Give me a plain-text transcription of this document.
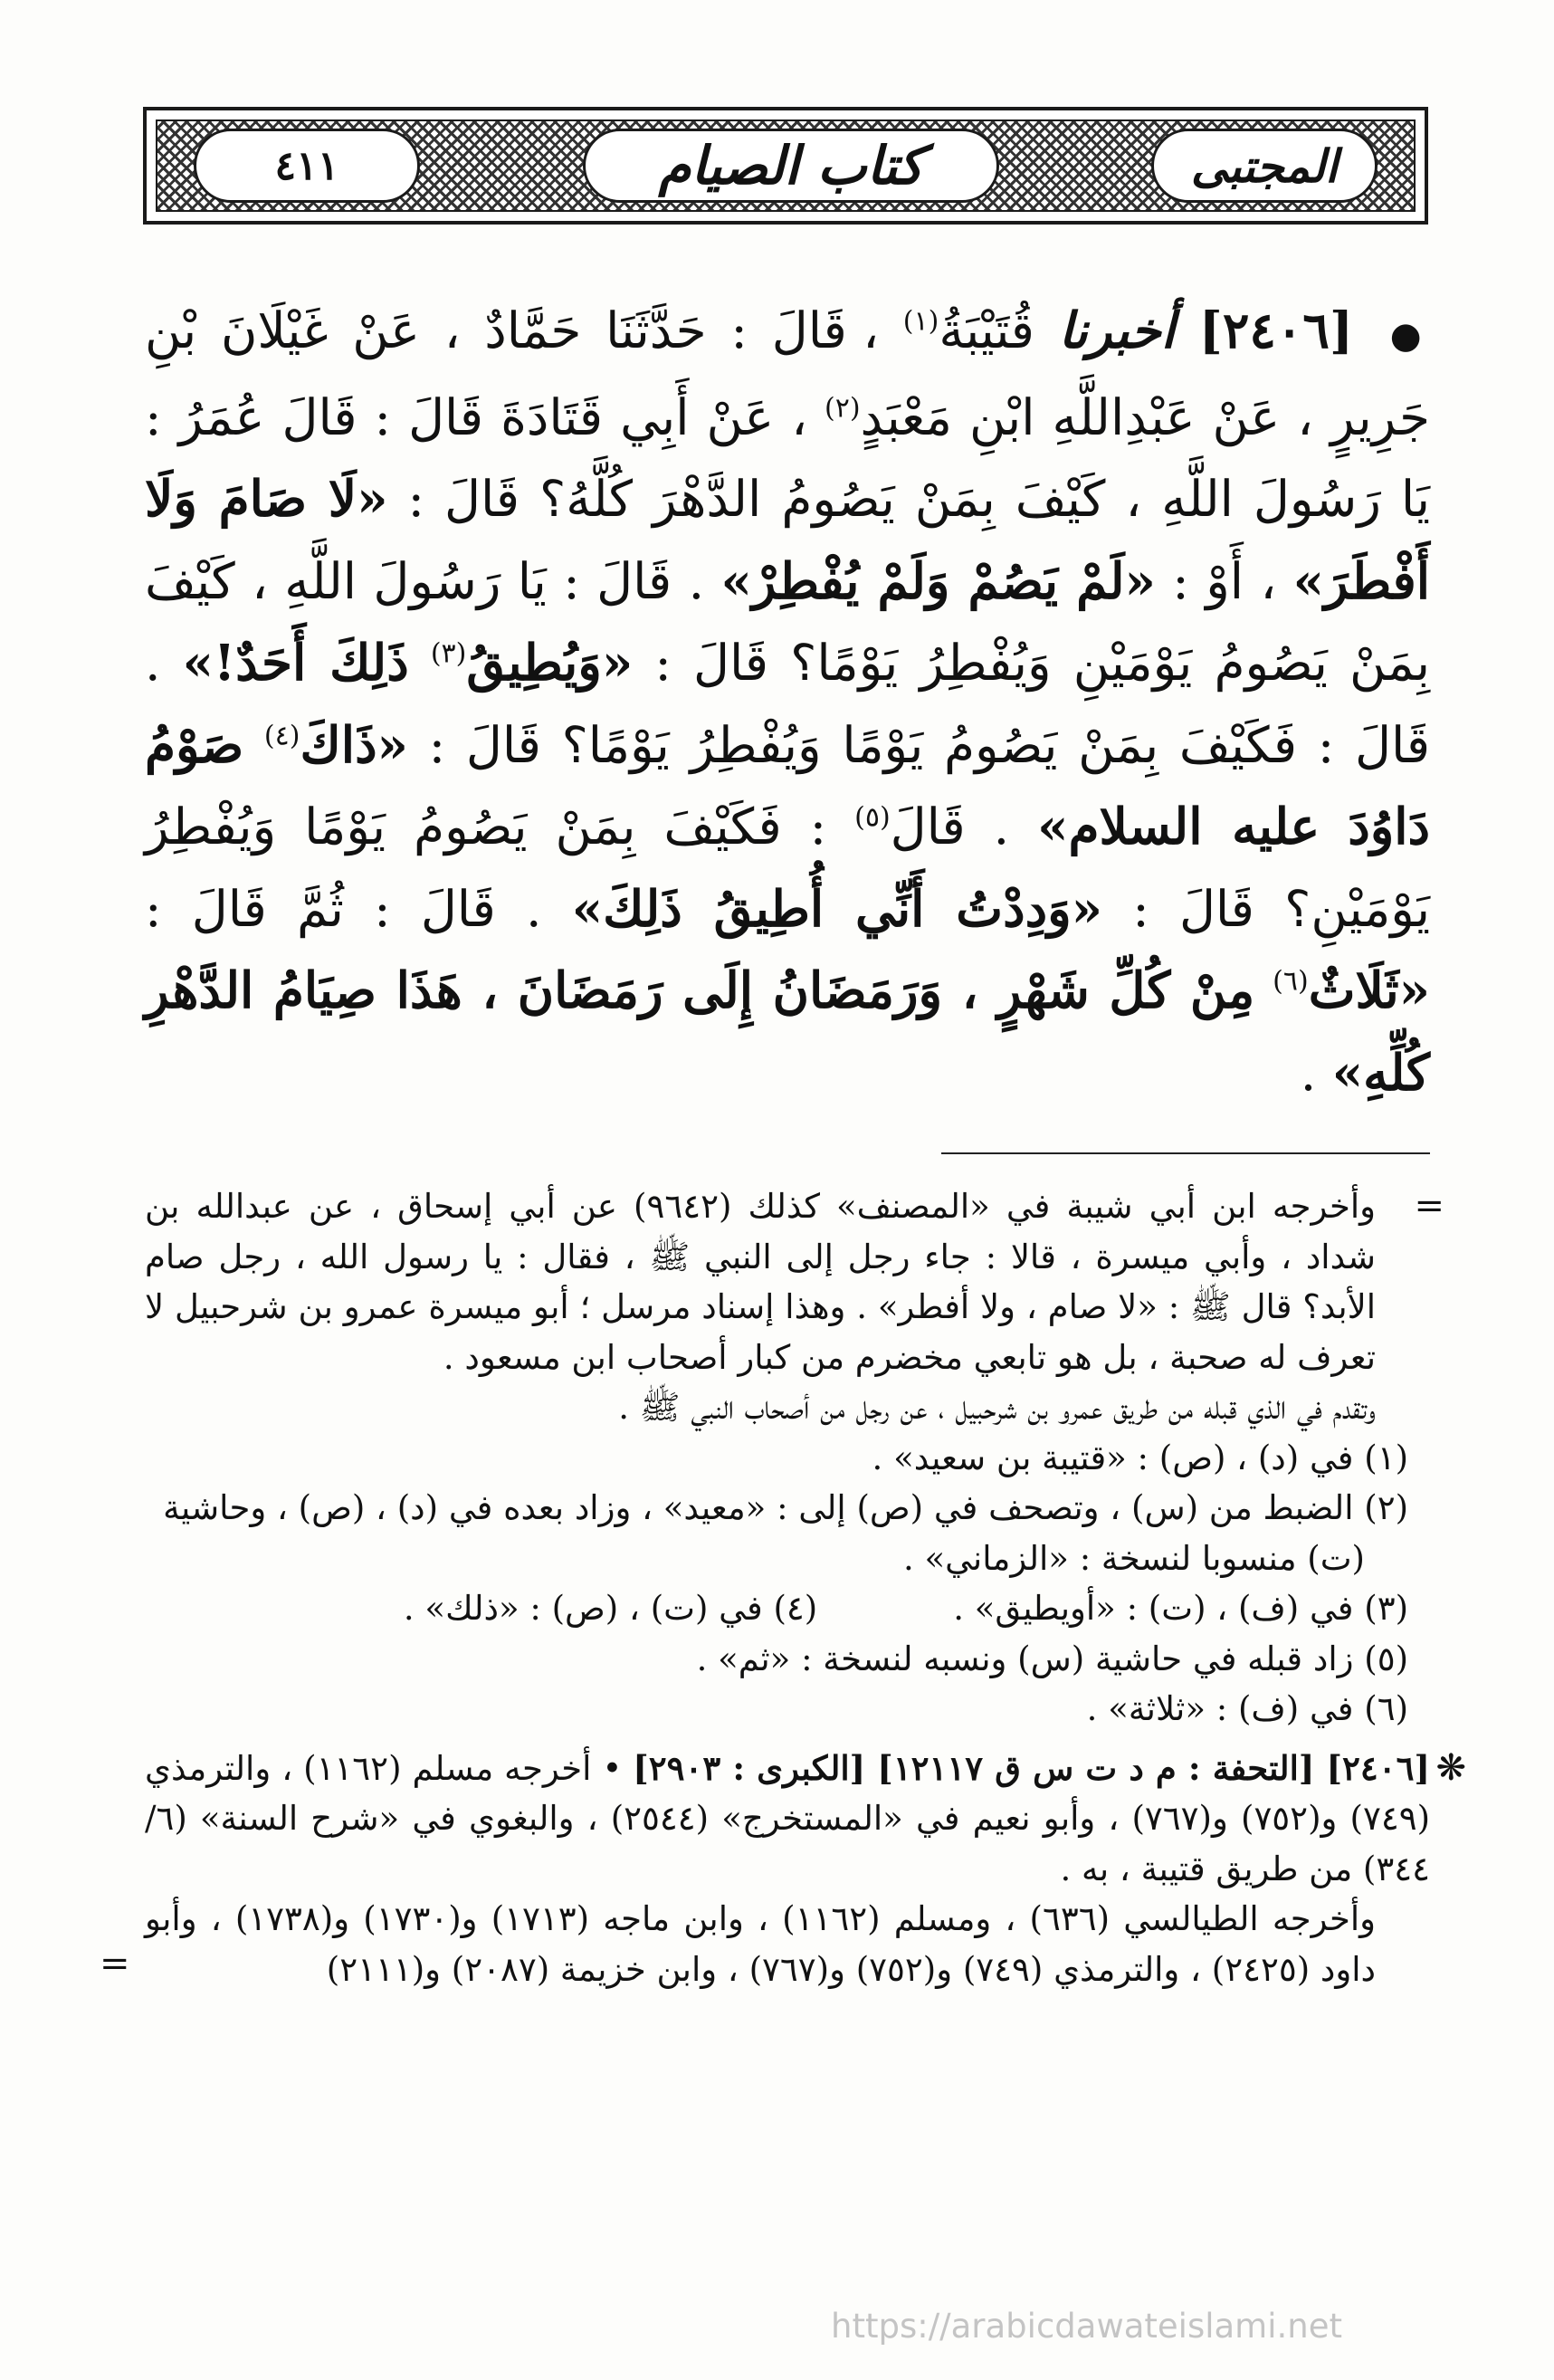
٤١١	كتاب الصيام	المجتبى
● [٢٤٠٦] أخبرنا قُتَيْبَةُ$^{(١)}$ ، قَالَ : حَدَّثَنَا حَمَّادٌ ، عَنْ غَيْلَانَ بْنِ جَرِيرٍ ، عَنْ عَبْدِاللَّهِ ابْنِ مَعْبَدٍ$^{(٢)}$ ، عَنْ أَبِي قَتَادَةَ قَالَ : قَالَ عُمَرُ : يَا رَسُولَ اللَّهِ ، كَيْفَ بِمَنْ يَصُومُ الدَّهْرَ كُلَّهُ؟ قَالَ : «لَا صَامَ وَلَا أَفْطَرَ» ، أَوْ : «لَمْ يَصُمْ وَلَمْ يُفْطِرْ» . قَالَ : يَا رَسُولَ اللَّهِ ، كَيْفَ بِمَنْ يَصُومُ يَوْمَيْنِ وَيُفْطِرُ يَوْمًا؟ قَالَ : «وَيُطِيقُ$^{(٣)}$ ذَلِكَ أَحَدٌ!» . قَالَ : فَكَيْفَ بِمَنْ يَصُومُ يَوْمًا وَيُفْطِرُ يَوْمًا؟ قَالَ : «ذَاكَ$^{(٤)}$ صَوْمُ دَاوُدَ عليه السلام» . قَالَ$^{(٥)}$ : فَكَيْفَ بِمَنْ يَصُومُ يَوْمًا وَيُفْطِرُ يَوْمَيْنِ؟ قَالَ : «وَدِدْتُ أَنِّي أُطِيقُ ذَلِكَ» . قَالَ : ثُمَّ قَالَ : «ثَلَاثٌ$^{(٦)}$ مِنْ كُلِّ شَهْرٍ ، وَرَمَضَانُ إِلَى رَمَضَانَ ، هَذَا صِيَامُ الدَّهْرِ كُلِّهِ» .
=

وأخرجه ابن أبي شيبة في «المصنف» كذلك (٩٦٤٢) عن أبي إسحاق ، عن عبدالله بن شداد ، وأبي ميسرة ، قالا : جاء رجل إلى النبي ﷺ ، فقال : يا رسول الله ، رجل صام الأبد؟ قال ﷺ : «لا صام ، ولا أفطر» . وهذا إسناد مرسل ؛ أبو ميسرة عمرو بن شرحبيل لا تعرف له صحبة ، بل هو تابعي مخضرم من كبار أصحاب ابن مسعود .

وتقدم في الذي قبله من طريق عمرو بن شرحبيل ، عن رجل من أصحاب النبي ﷺ .

(١) في (د) ، (ص) : «قتيبة بن سعيد» .

(٢) الضبط من (س) ، وتصحف في (ص) إلى : «معيد» ، وزاد بعده في (د) ، (ص) ، وحاشية

(ت) منسوبا لنسخة : «الزماني» .

(٣) في (ف) ، (ت) : «أويطيق» .
(٤) في (ت) ، (ص) : «ذلك» .

(٥) زاد قبله في حاشية (س) ونسبه لنسخة : «ثم» .

(٦) في (ف) : «ثلاثة» .

❋

[٢٤٠٦] [التحفة : م د ت س ق ١٢١١٧] [الكبرى : ٢٩٠٣] • أخرجه مسلم (١١٦٢) ، والترمذي (٧٤٩) و(٧٥٢) و(٧٦٧) ، وأبو نعيم في «المستخرج» (٢٥٤٤) ، والبغوي في «شرح السنة» (٦/ ٣٤٤) من طريق قتيبة ، به .

وأخرجه الطيالسي (٦٣٦) ، ومسلم (١١٦٢) ، وابن ماجه (١٧١٣) و(١٧٣٠) و(١٧٣٨) ، وأبو داود (٢٤٢٥) ، والترمذي (٧٤٩) و(٧٥٢) و(٧٦٧) ، وابن خزيمة (٢٠٨٧) و(٢١١١)

=
https://arabicdawateislami.net
